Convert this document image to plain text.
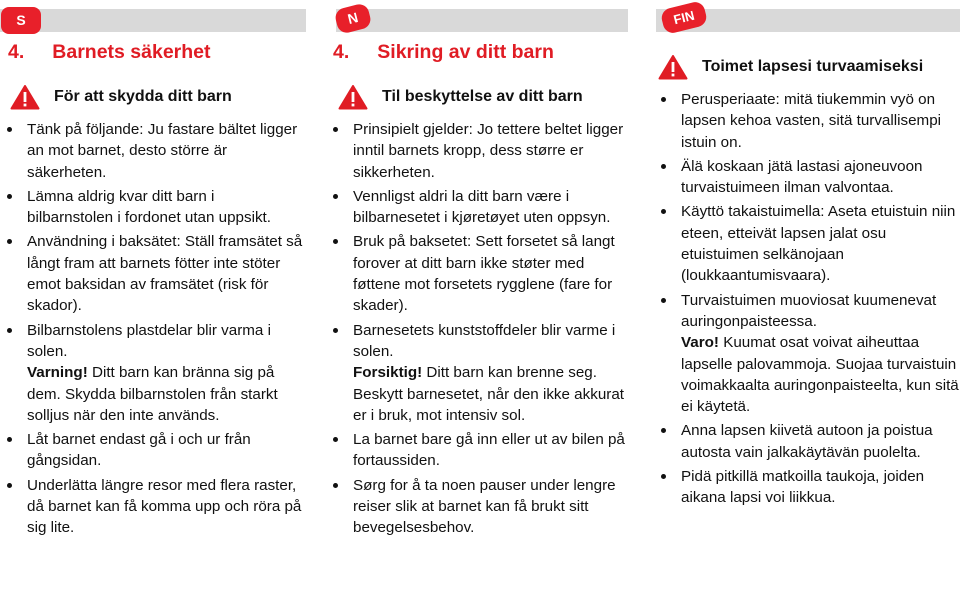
S
4. Barnets säkerhet
För att skydda ditt barn
Tänk på följande: Ju fastare bältet ligger an mot barnet, desto större är säkerheten.
Lämna aldrig kvar ditt barn i bilbarnstolen i fordonet utan uppsikt.
Användning i baksätet: Ställ framsätet så långt fram att barnets fötter inte stöter emot baksidan av framsätet (risk för skador).
Bilbarnstolens plastdelar blir varma i solen.
Varning! Ditt barn kan bränna sig på dem. Skydda bilbarnstolen från starkt solljus när den inte används.
Låt barnet endast gå i och ur från gångsidan.
Underlätta längre resor med flera raster, då barnet kan få komma upp och röra på sig lite.
N
4. Sikring av ditt barn
Til beskyttelse av ditt barn
Prinsipielt gjelder: Jo tettere beltet ligger inntil barnets kropp, dess større er sikkerheten.
Vennligst aldri la ditt barn være i bilbarnesetet i kjøretøyet uten oppsyn.
Bruk på baksetet: Sett forsetet så langt forover at ditt barn ikke støter med føttene mot forsetets rygglene (fare for skader).
Barnesetets kunststoffdeler blir varme i solen.
Forsiktig! Ditt barn kan brenne seg. Beskytt barnesetet, når den ikke akkurat er i bruk, mot intensiv sol.
La barnet bare gå inn eller ut av bilen på fortaussiden.
Sørg for å ta noen pauser under lengre reiser slik at barnet kan få brukt sitt bevegelsesbehov.
FIN
Toimet lapsesi turvaamiseksi
Perusperiaate: mitä tiukemmin vyö on lapsen kehoa vasten, sitä turvallisempi istuin on.
Älä koskaan jätä lastasi ajoneuvoon turvaistuimeen ilman valvontaa.
Käyttö takaistuimella: Aseta etuistuin niin eteen, etteivät lapsen jalat osu etuistuimen selkänojaan (loukkaantumisvaara).
Turvaistuimen muoviosat kuumenevat auringonpaisteessa.
Varo! Kuumat osat voivat aiheuttaa lapselle palovammoja. Suojaa turvaistuin voimakkaalta auringonpaisteelta, kun sitä ei käytetä.
Anna lapsen kiivetä autoon ja poistua autosta vain jalkakäytävän puolelta.
Pidä pitkillä matkoilla taukoja, joiden aikana lapsi voi liikkua.
